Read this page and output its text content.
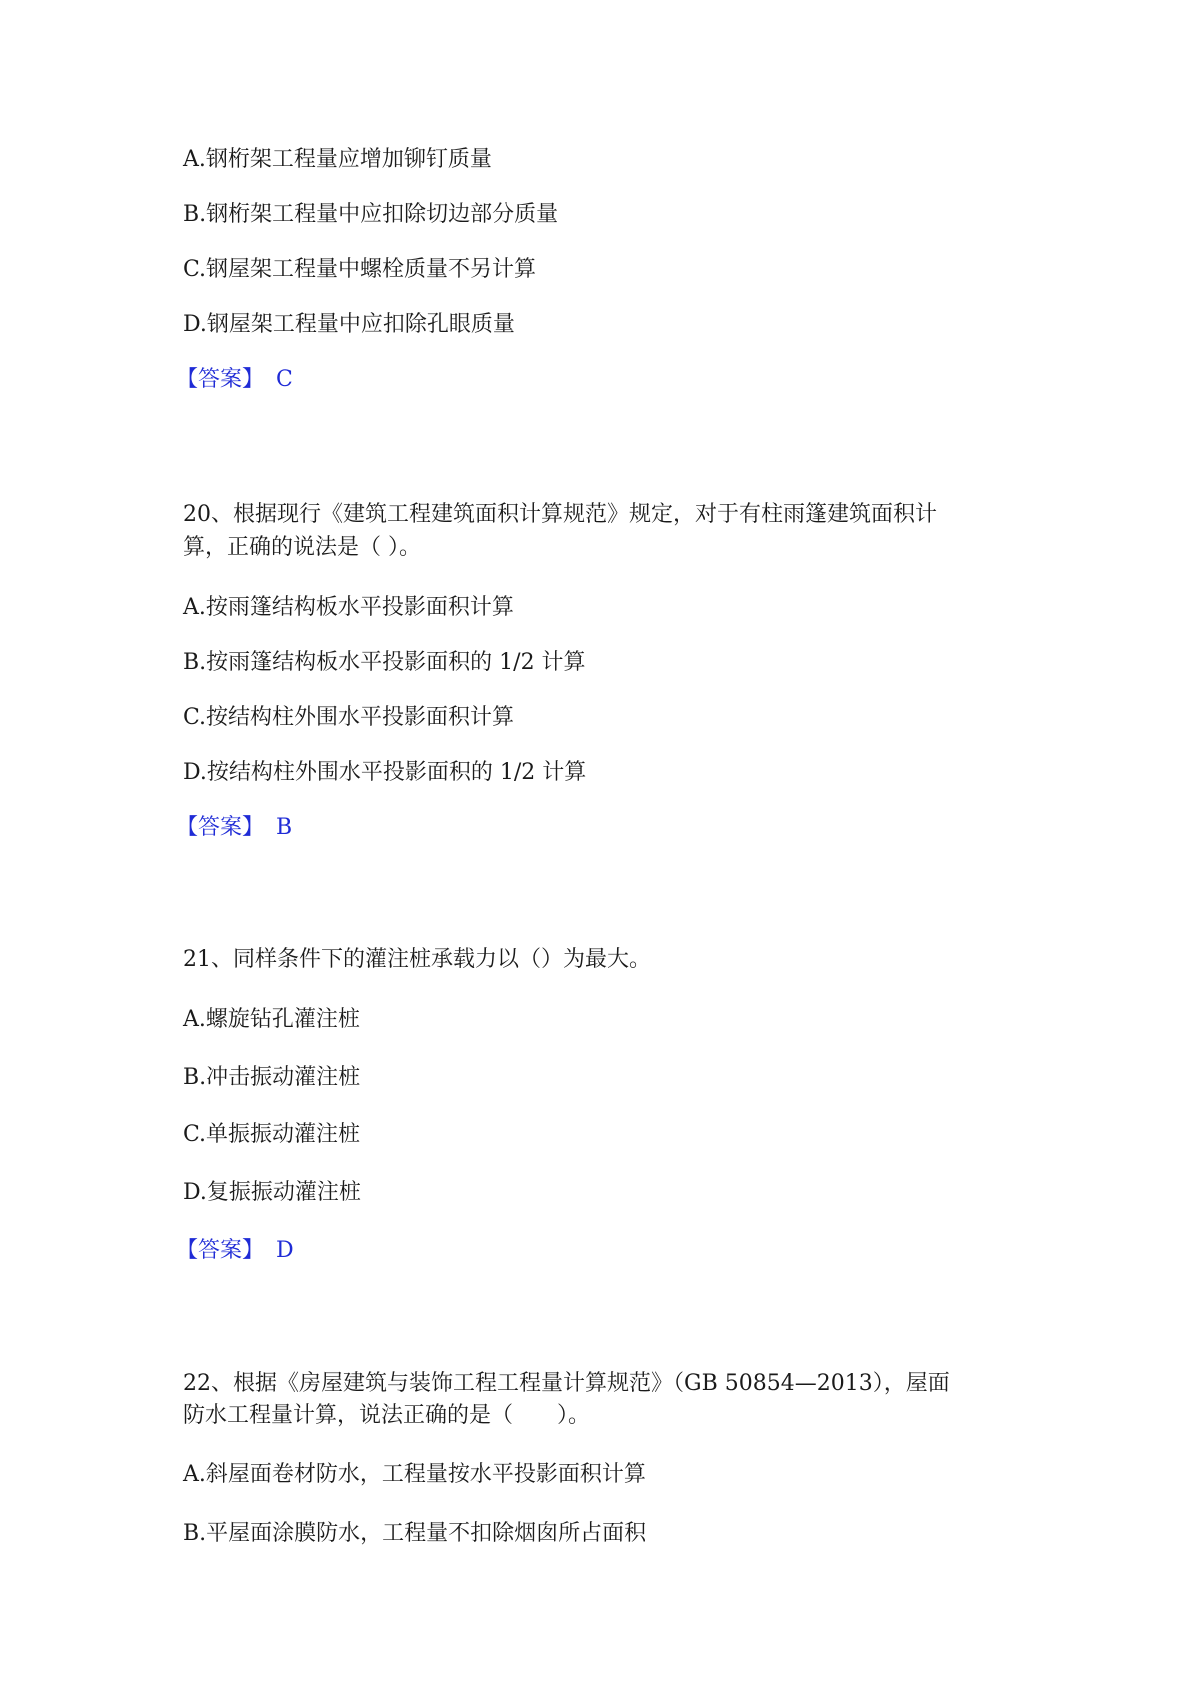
A.钢桁架工程量应增加铆钉质量
B.钢桁架工程量中应扣除切边部分质量
C.钢屋架工程量中螺栓质量不另计算
D.钢屋架工程量中应扣除孔眼质量
【答案】 C
20、根据现行《建筑工程建筑面积计算规范》规定，对于有柱雨篷建筑面积计
算，正确的说法是（ ）。
A.按雨篷结构板水平投影面积计算
B.按雨篷结构板水平投影面积的 1/2 计算
C.按结构柱外围水平投影面积计算
D.按结构柱外围水平投影面积的 1/2 计算
【答案】 B
21、同样条件下的灌注桩承载力以（）为最大。
A.螺旋钻孔灌注桩
B.冲击振动灌注桩
C.单振振动灌注桩
D.复振振动灌注桩
【答案】 D
22、根据《房屋建筑与装饰工程工程量计算规范》（GB 50854—2013），屋面
防水工程量计算，说法正确的是（　　）。
A.斜屋面卷材防水，工程量按水平投影面积计算
B.平屋面涂膜防水，工程量不扣除烟囱所占面积
